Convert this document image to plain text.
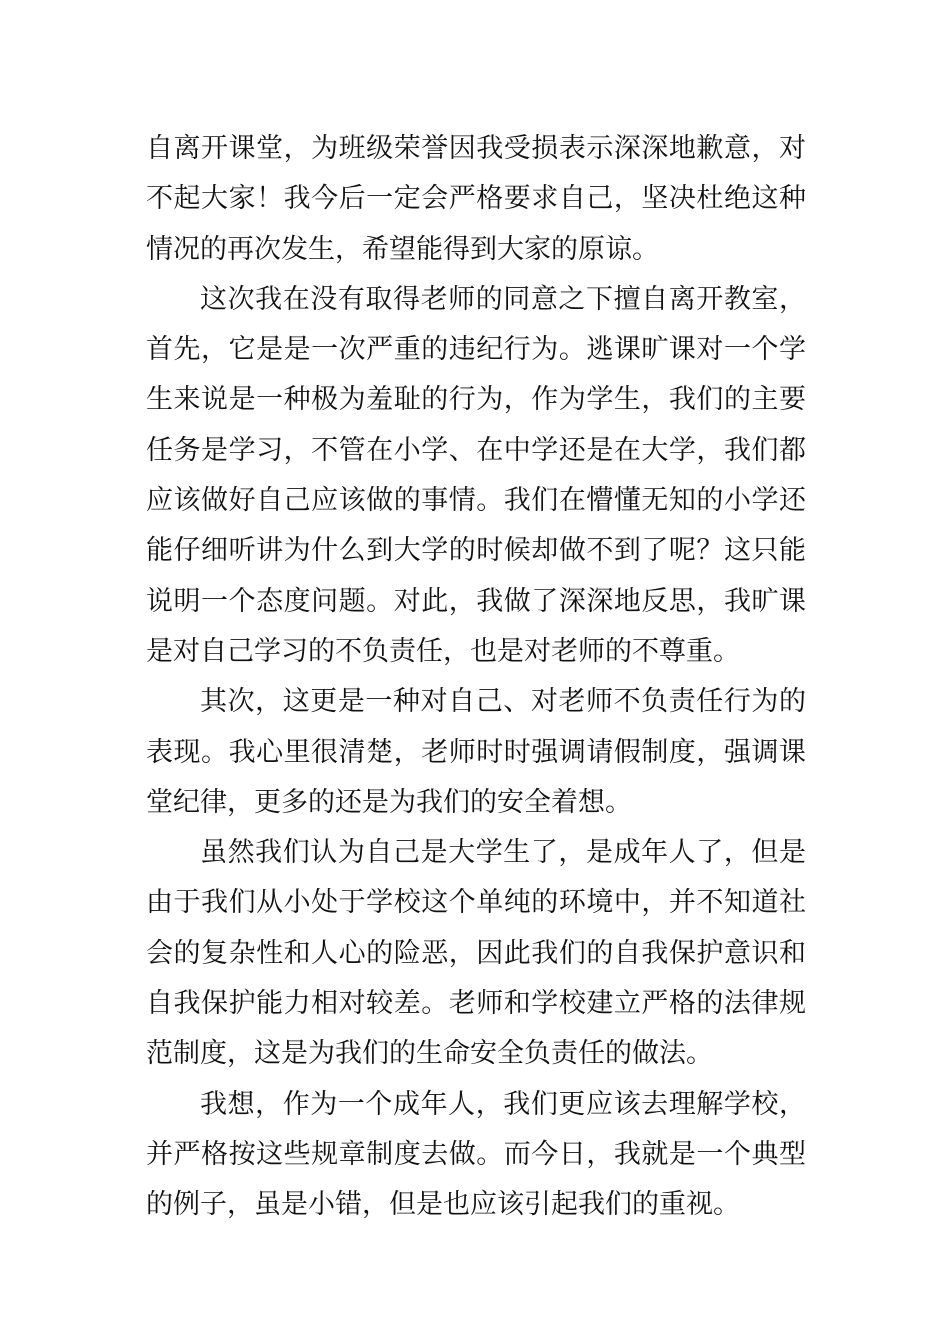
自离开课堂，为班级荣誉因我受损表示深深地歉意，对不起大家！我今后一定会严格要求自己，坚决杜绝这种情况的再次发生，希望能得到大家的原谅。

这次我在没有取得老师的同意之下擅自离开教室，首先，它是是一次严重的违纪行为。逃课旷课对一个学生来说是一种极为羞耻的行为，作为学生，我们的主要任务是学习，不管在小学、在中学还是在大学，我们都应该做好自己应该做的事情。我们在懵懂无知的小学还能仔细听讲为什么到大学的时候却做不到了呢？这只能说明一个态度问题。对此，我做了深深地反思，我旷课是对自己学习的不负责任，也是对老师的不尊重。

其次，这更是一种对自己、对老师不负责任行为的表现。我心里很清楚，老师时时强调请假制度，强调课堂纪律，更多的还是为我们的安全着想。

虽然我们认为自己是大学生了，是成年人了，但是由于我们从小处于学校这个单纯的环境中，并不知道社会的复杂性和人心的险恶，因此我们的自我保护意识和自我保护能力相对较差。老师和学校建立严格的法律规范制度，这是为我们的生命安全负责任的做法。

我想，作为一个成年人，我们更应该去理解学校，并严格按这些规章制度去做。而今日，我就是一个典型的例子，虽是小错，但是也应该引起我们的重视。
